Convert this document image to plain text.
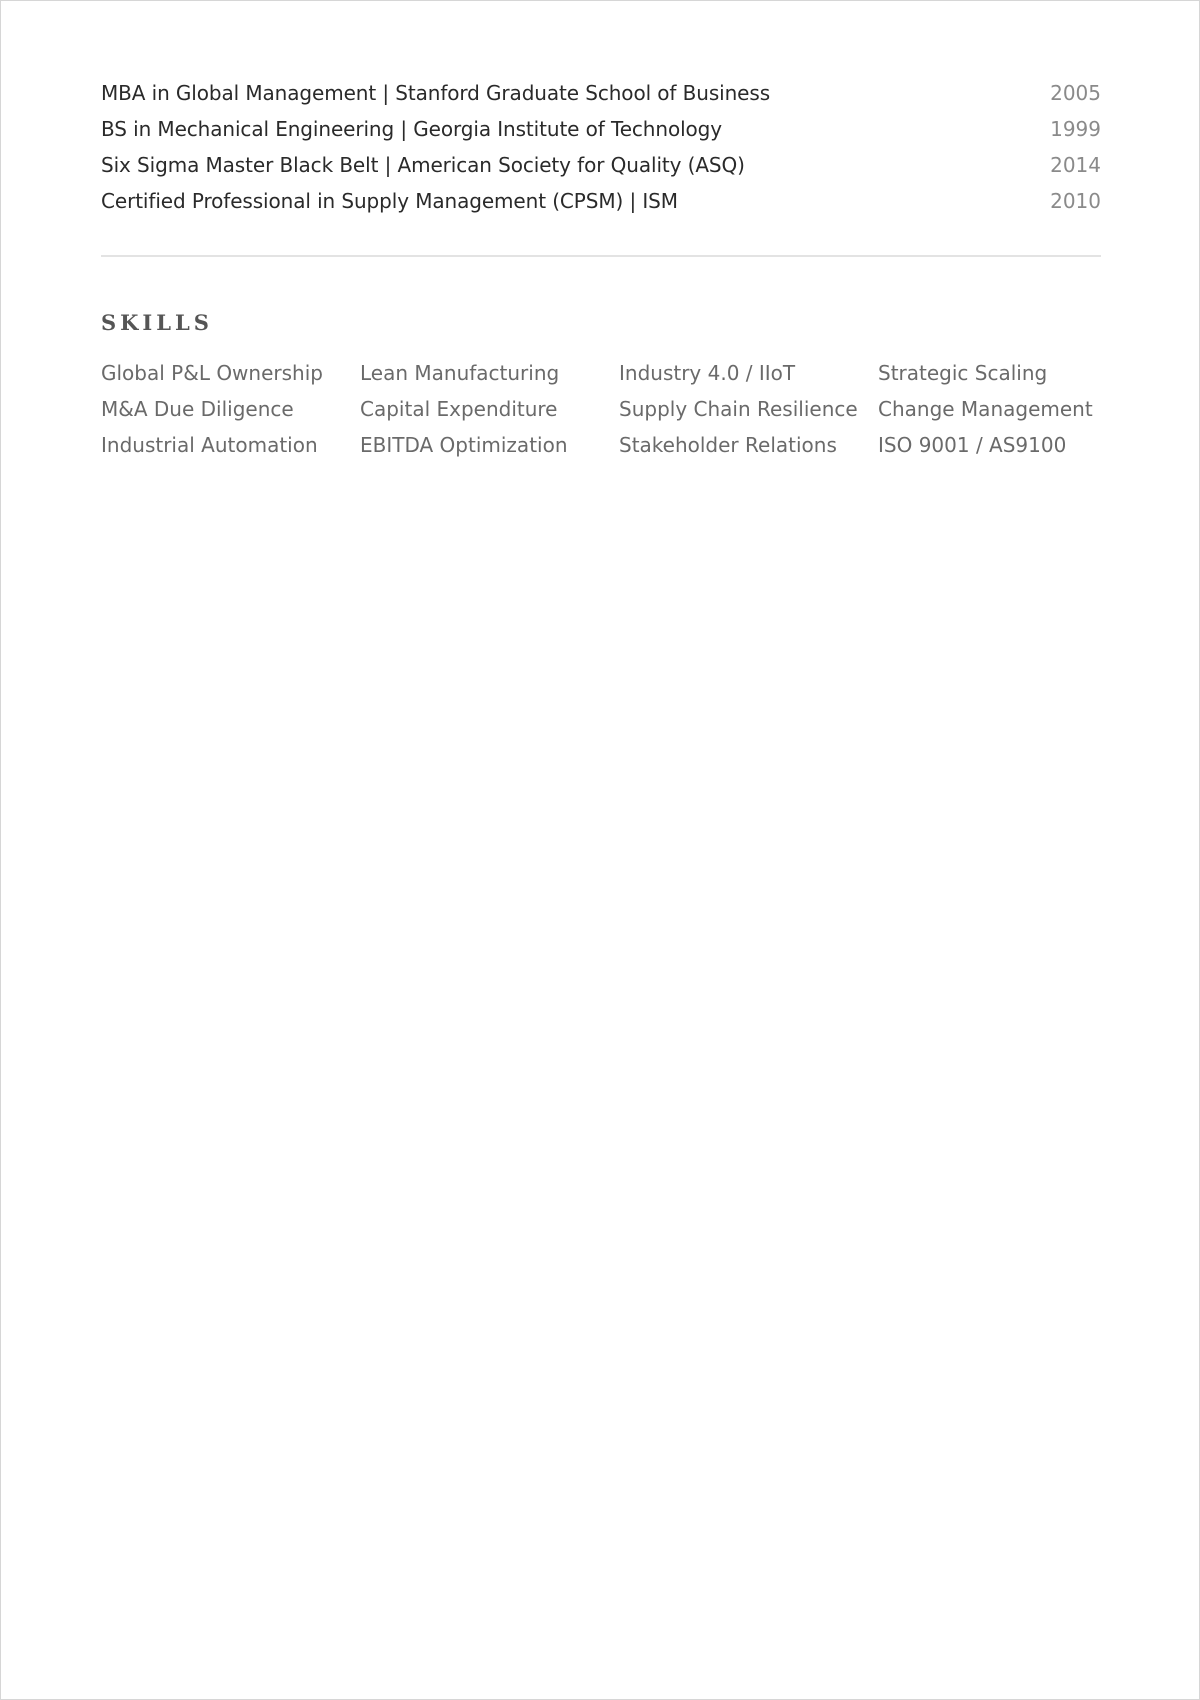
MBA in Global Management | Stanford Graduate School of Business	2005
BS in Mechanical Engineering | Georgia Institute of Technology	1999
Six Sigma Master Black Belt | American Society for Quality (ASQ)	2014
Certified Professional in Supply Management (CPSM) | ISM	2010
SKILLS
Global P&L Ownership	Lean Manufacturing	Industry 4.0 / IIoT	Strategic Scaling
M&A Due Diligence	Capital Expenditure	Supply Chain Resilience	Change Management
Industrial Automation	EBITDA Optimization	Stakeholder Relations	ISO 9001 / AS9100
